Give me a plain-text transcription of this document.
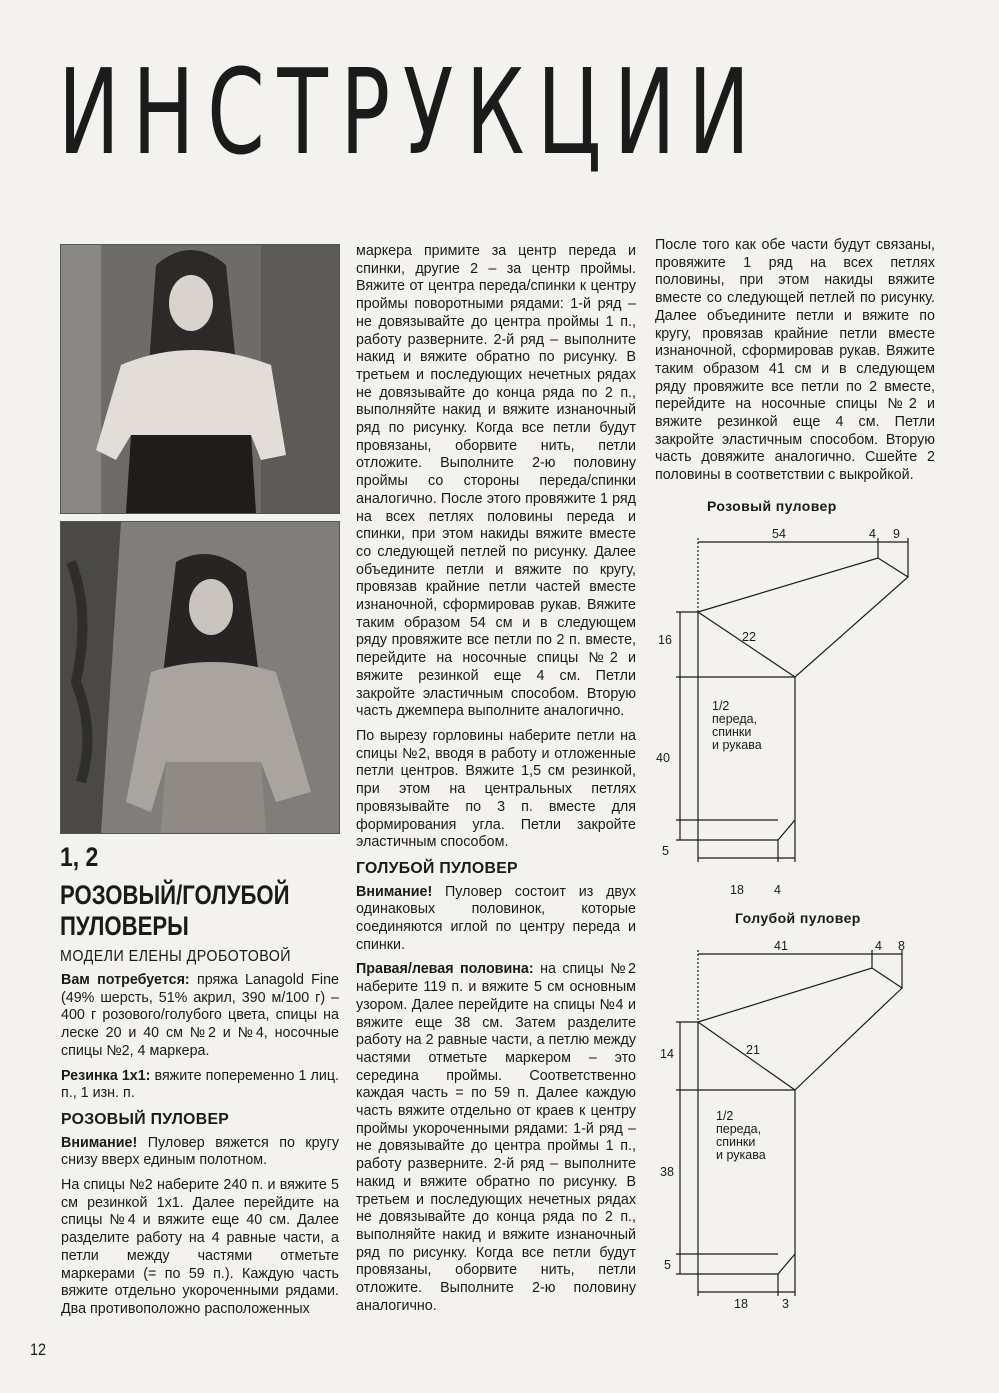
ИНСТРУКЦИИ
1, 2
РОЗОВЫЙ/ГОЛУБОЙ ПУЛОВЕРЫ
МОДЕЛИ ЕЛЕНЫ ДРОБОТОВОЙ

Вам потребуется: пряжа Lanagold Fine (49% шерсть, 51% акрил, 390 м/100 г) – 400 г розового/голубого цвета, спицы на леске 20 и 40 см №2 и №4, носочные спицы №2, 4 маркера.

Резинка 1х1: вяжите попеременно 1 лиц. п., 1 изн. п.

РОЗОВЫЙ ПУЛОВЕР

Внимание! Пуловер вяжется по кругу снизу вверх единым полотном.

На спицы №2 наберите 240 п. и вяжите 5 см резинкой 1х1. Далее перейдите на спицы №4 и вяжите еще 40 см. Далее разделите работу на 4 равные части, а петли между частями отметьте маркерами (= по 59 п.). Каждую часть вяжите отдельно укороченными рядами. Два противоположно расположенных

маркера примите за центр переда и спинки, другие 2 – за центр проймы. Вяжите от центра переда/спинки к центру проймы поворотными рядами: 1-й ряд – не довязывайте до центра проймы 1 п., работу разверните. 2-й ряд – выполните накид и вяжите обратно по рисунку. В третьем и последующих нечетных рядах не довязывайте до конца ряда по 2 п., выполняйте накид и вяжите изнаночный ряд по рисунку. Когда все петли будут провязаны, оборвите нить, петли отложите. Выполните 2-ю половину проймы со стороны переда/спинки аналогично. После этого провяжите 1 ряд на всех петлях половины переда и спинки, при этом накиды вяжите вместе со следующей петлей по рисунку. Далее объедините петли и вяжите по кругу, провязав крайние петли частей вместе изнаночной, сформировав рукав. Вяжите таким образом 54 см и в следующем ряду провяжите все петли по 2 п. вместе, перейдите на носочные спицы №2 и вяжите резинкой еще 4 см. Петли закройте эластичным способом. Вторую часть джемпера выполните аналогично.

По вырезу горловины наберите петли на спицы №2, вводя в работу и отложенные петли центров. Вяжите 1,5 см резинкой, при этом на центральных петлях провязывайте по 3 п. вместе для формирования угла. Петли закройте эластичным способом.

ГОЛУБОЙ ПУЛОВЕР

Внимание! Пуловер состоит из двух одинаковых половинок, которые соединяются иглой по центру переда и спинки.

Правая/левая половина: на спицы №2 наберите 119 п. и вяжите 5 см основным узором. Далее перейдите на спицы №4 и вяжите еще 38 см. Затем разделите работу на 2 равные части, а петлю между частями отметьте маркером – это середина проймы. Соответственно каждая часть = по 59 п. Далее каждую часть вяжите отдельно от краев к центру проймы укороченными рядами: 1-й ряд – не довязывайте до центра проймы 1 п., работу разверните. 2-й ряд – выполните накид и вяжите обратно по рисунку. В третьем и последующих нечетных рядах не довязывайте до конца ряда по 2 п., выполняйте накид и вяжите изнаночный ряд по рисунку. Когда все петли будут провязаны, оборвите нить, петли отложите. Выполните 2-ю половину аналогично.

После того как обе части будут связаны, провяжите 1 ряд на всех петлях половины, при этом накиды вяжите вместе со следующей петлей по рисунку. Далее объедините петли и вяжите по кругу, провязав крайние петли вместе изнаночной, сформировав рукав. Вяжите таким образом 41 см и в следующем ряду провяжите все петли по 2 вместе, перейдите на носочные спицы №2 и вяжите резинкой еще 4 см. Петли закройте эластичным способом. Вторую часть довяжите аналогично. Сшейте 2 половины в соответствии с выкройкой.

Розовый пуловер
54	4 9
16	22
40
5
18 4
1/2
переда,
спинки
и рукава
Голубой пуловер
41	4 8
14	21
38
5
18	3
1/2
переда,
спинки
и рукава
12
